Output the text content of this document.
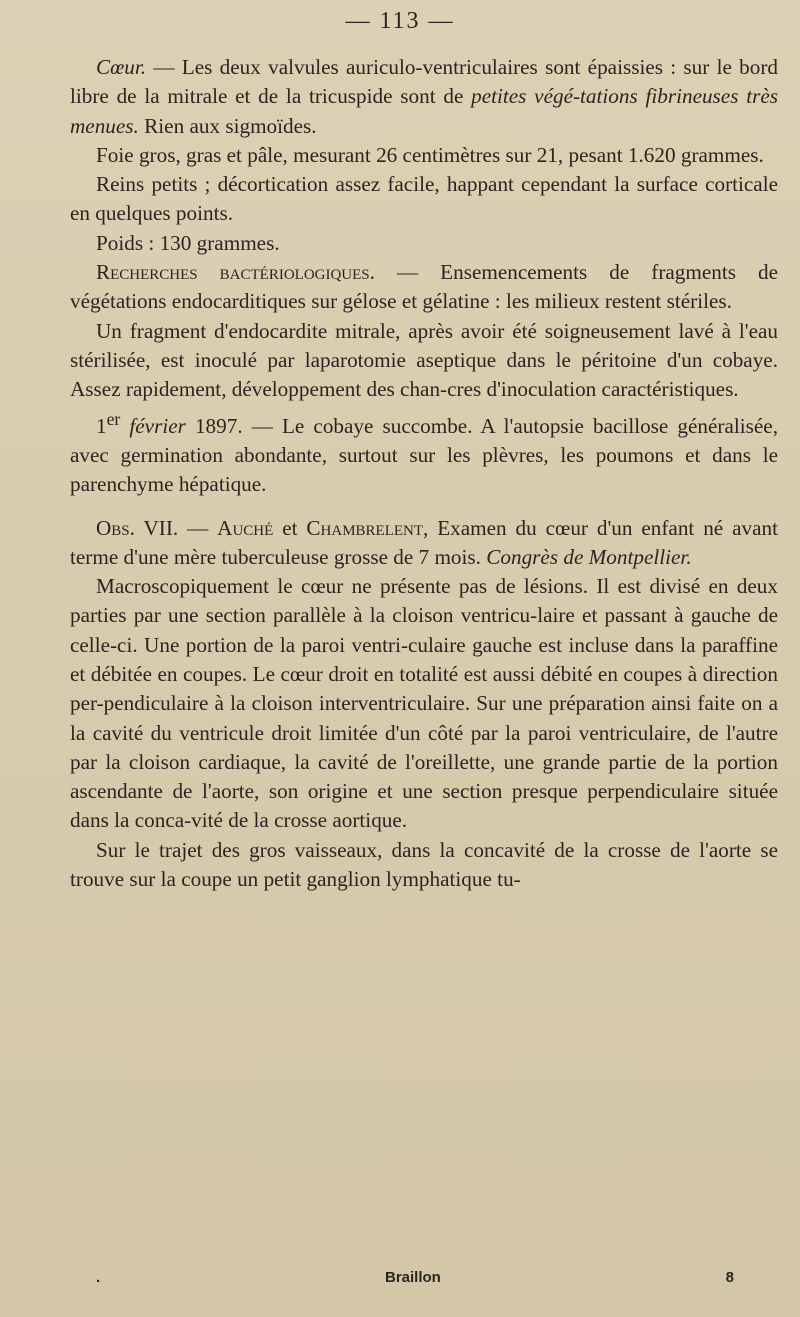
— 113 —

Cœur. — Les deux valvules auriculo-ventriculaires sont épaissies : sur le bord libre de la mitrale et de la tricuspide sont de petites végé-tations fibrineuses très menues. Rien aux sigmoïdes.

Foie gros, gras et pâle, mesurant 26 centimètres sur 21, pesant 1.620 grammes.

Reins petits ; décortication assez facile, happant cependant la surface corticale en quelques points.

Poids : 130 grammes.

Recherches bactériologiques. — Ensemencements de fragments de végétations endocarditiques sur gélose et gélatine : les milieux restent stériles.

Un fragment d'endocardite mitrale, après avoir été soigneusement lavé à l'eau stérilisée, est inoculé par laparotomie aseptique dans le péritoine d'un cobaye. Assez rapidement, développement des chan-cres d'inoculation caractéristiques.

1er février 1897. — Le cobaye succombe. A l'autopsie bacillose généralisée, avec germination abondante, surtout sur les plèvres, les poumons et dans le parenchyme hépatique.

Obs. VII. — Auché et Chambrelent, Examen du cœur d'un enfant né avant terme d'une mère tuberculeuse grosse de 7 mois. Congrès de Montpellier.

Macroscopiquement le cœur ne présente pas de lésions. Il est divisé en deux parties par une section parallèle à la cloison ventricu-laire et passant à gauche de celle-ci. Une portion de la paroi ventri-culaire gauche est incluse dans la paraffine et débitée en coupes. Le cœur droit en totalité est aussi débité en coupes à direction per-pendiculaire à la cloison interventriculaire. Sur une préparation ainsi faite on a la cavité du ventricule droit limitée d'un côté par la paroi ventriculaire, de l'autre par la cloison cardiaque, la cavité de l'oreillette, une grande partie de la portion ascendante de l'aorte, son origine et une section presque perpendiculaire située dans la conca-vité de la crosse aortique.

Sur le trajet des gros vaisseaux, dans la concavité de la crosse de l'aorte se trouve sur la coupe un petit ganglion lymphatique tu-

.	Braillon	8
